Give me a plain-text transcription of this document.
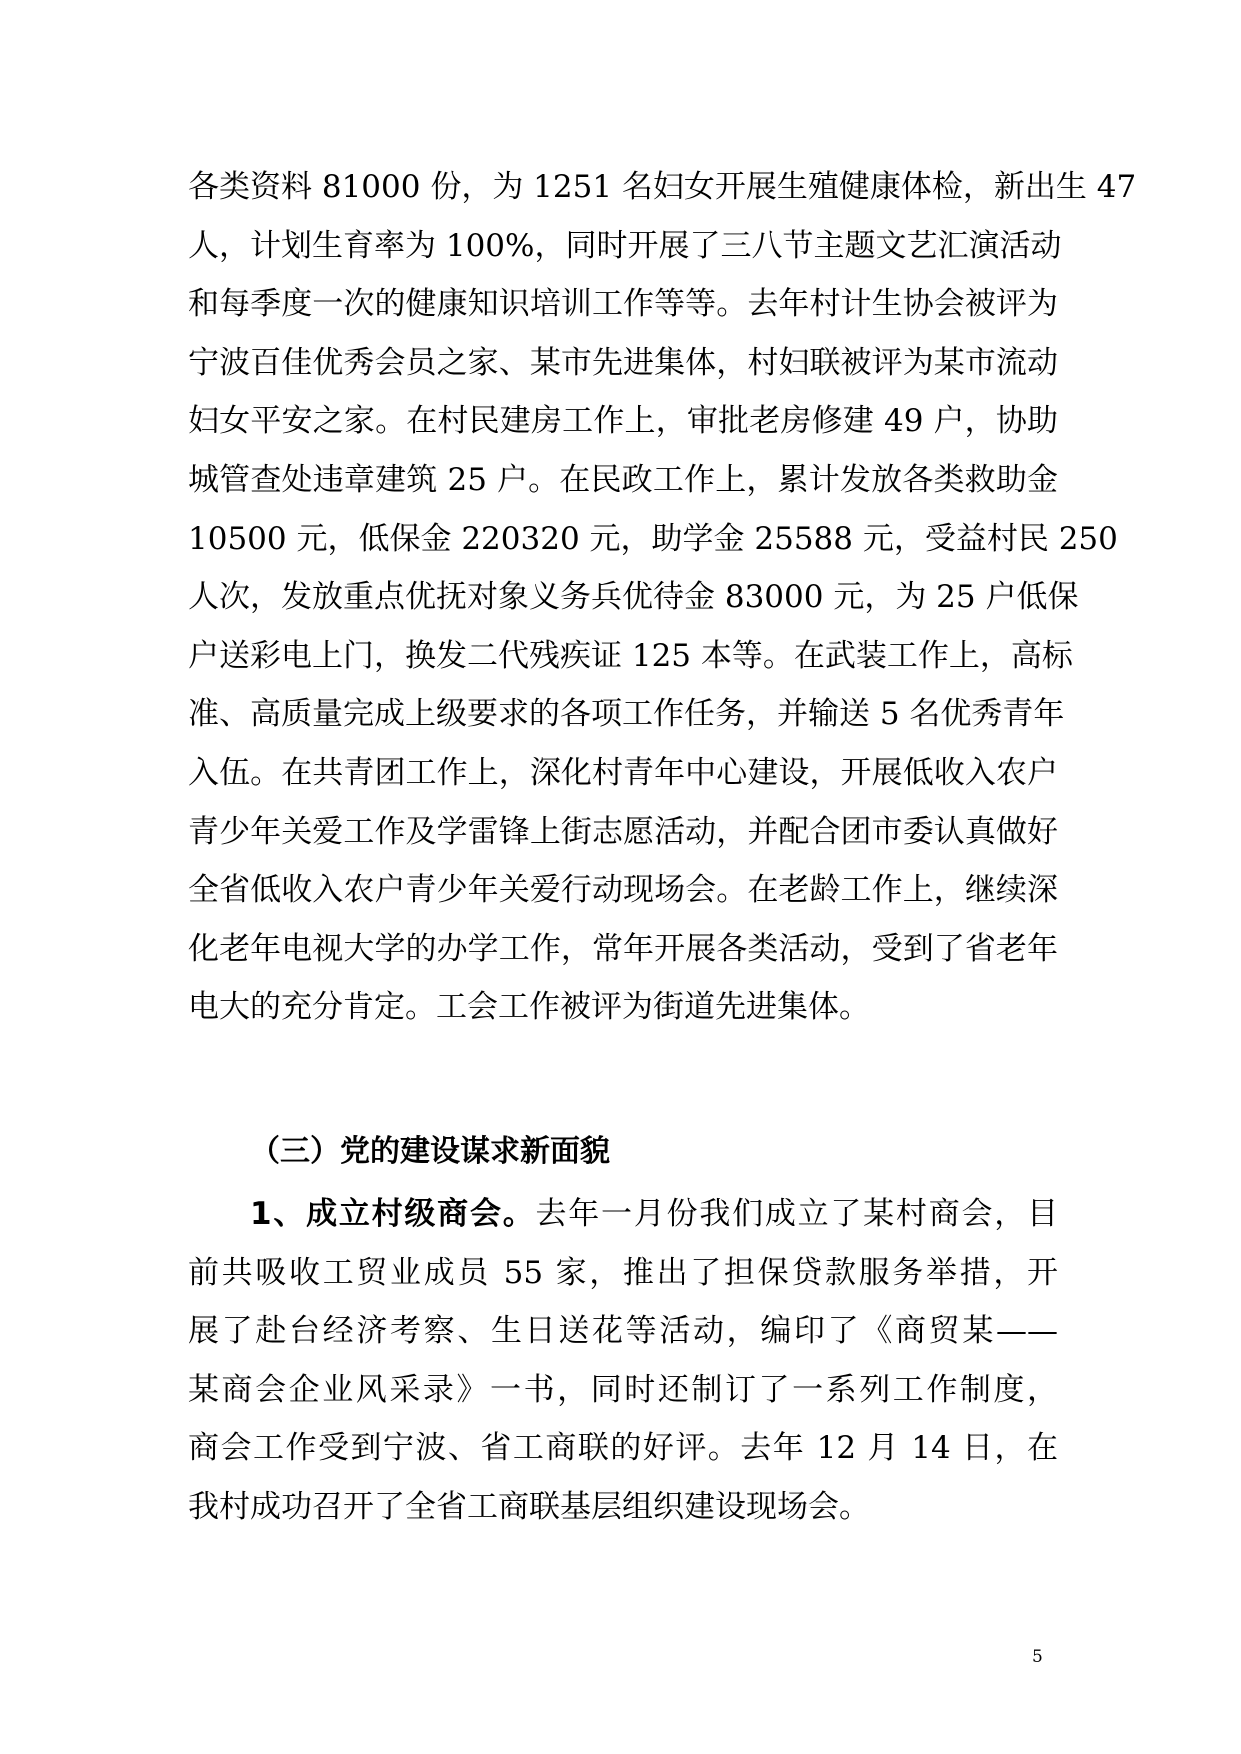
各类资料 81000 份，为 1251 名妇女开展生殖健康体检，新出生 47
人，计划生育率为 100%，同时开展了三八节主题文艺汇演活动
和每季度一次的健康知识培训工作等等。去年村计生协会被评为
宁波百佳优秀会员之家、某市先进集体，村妇联被评为某市流动
妇女平安之家。在村民建房工作上，审批老房修建 49 户，协助
城管查处违章建筑 25 户。在民政工作上，累计发放各类救助金
10500 元，低保金 220320 元，助学金 25588 元，受益村民 250
人次，发放重点优抚对象义务兵优待金 83000 元，为 25 户低保
户送彩电上门，换发二代残疾证 125 本等。在武装工作上，高标
准、高质量完成上级要求的各项工作任务，并输送 5 名优秀青年
入伍。在共青团工作上，深化村青年中心建设，开展低收入农户
青少年关爱工作及学雷锋上街志愿活动，并配合团市委认真做好
全省低收入农户青少年关爱行动现场会。在老龄工作上，继续深
化老年电视大学的办学工作，常年开展各类活动，受到了省老年
电大的充分肯定。工会工作被评为街道先进集体。
（三）党的建设谋求新面貌
1、成立村级商会。去年一月份我们成立了某村商会，目
前共吸收工贸业成员 55 家，推出了担保贷款服务举措，开
展了赴台经济考察、生日送花等活动，编印了《商贸某——
某商会企业风采录》一书，同时还制订了一系列工作制度，
商会工作受到宁波、省工商联的好评。去年 12 月 14 日，在
我村成功召开了全省工商联基层组织建设现场会。
5
